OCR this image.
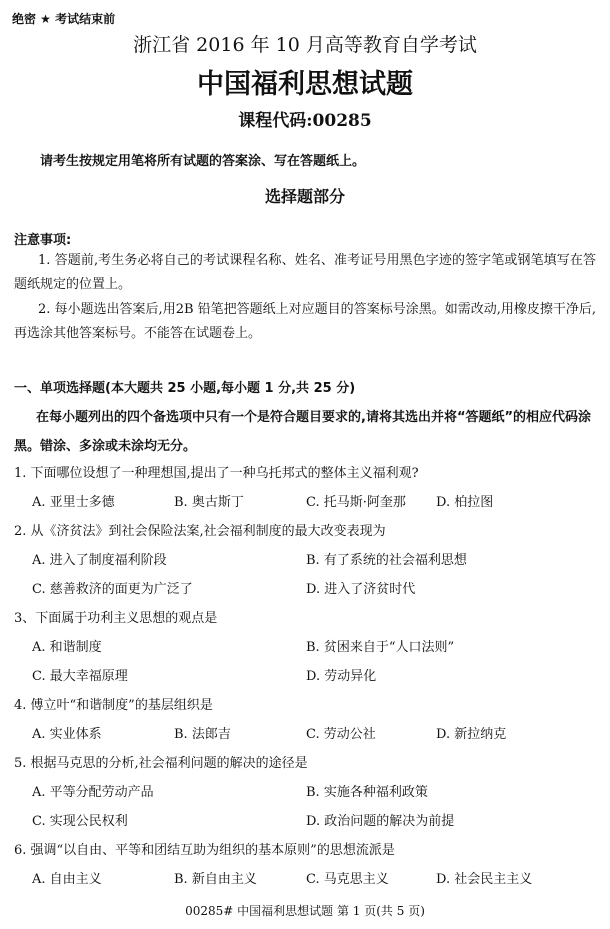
绝密 ★ 考试结束前
浙江省 2016 年 10 月高等教育自学考试
中国福利思想试题
课程代码:00285
请考生按规定用笔将所有试题的答案涂、写在答题纸上。
选择题部分
注意事项:
1. 答题前,考生务必将自己的考试课程名称、姓名、准考证号用黑色字迹的签字笔或钢笔填写在答题纸规定的位置上。
2. 每小题选出答案后,用2B 铅笔把答题纸上对应题目的答案标号涂黑。如需改动,用橡皮擦干净后,再选涂其他答案标号。不能答在试题卷上。
一、单项选择题(本大题共 25 小题,每小题 1 分,共 25 分)
在每小题列出的四个备选项中只有一个是符合题目要求的,请将其选出并将“答题纸”的相应代码涂黑。错涂、多涂或未涂均无分。
1. 下面哪位设想了一种理想国,提出了一种乌托邦式的整体主义福利观?
A. 亚里士多德	B. 奥古斯丁	C. 托马斯·阿奎那 D. 柏拉图
2. 从《济贫法》到社会保险法案,社会福利制度的最大改变表现为
A. 进入了制度福利阶段	B. 有了系统的社会福利思想
C. 慈善救济的面更为广泛了	D. 进入了济贫时代
3、下面属于功利主义思想的观点是
A. 和谐制度	B. 贫困来自于“人口法则”
C. 最大幸福原理	D. 劳动异化
4. 傅立叶“和谐制度”的基层组织是
A. 实业体系	B. 法郎吉	C. 劳动公社	D. 新拉纳克
5. 根据马克思的分析,社会福利问题的解决的途径是
A. 平等分配劳动产品	B. 实施各种福利政策
C. 实现公民权利	D. 政治问题的解决为前提
6. 强调“以自由、平等和团结互助为组织的基本原则”的思想流派是
A. 自由主义	B. 新自由主义	C. 马克思主义	D. 社会民主主义
00285# 中国福利思想试题 第 1 页(共 5 页)
